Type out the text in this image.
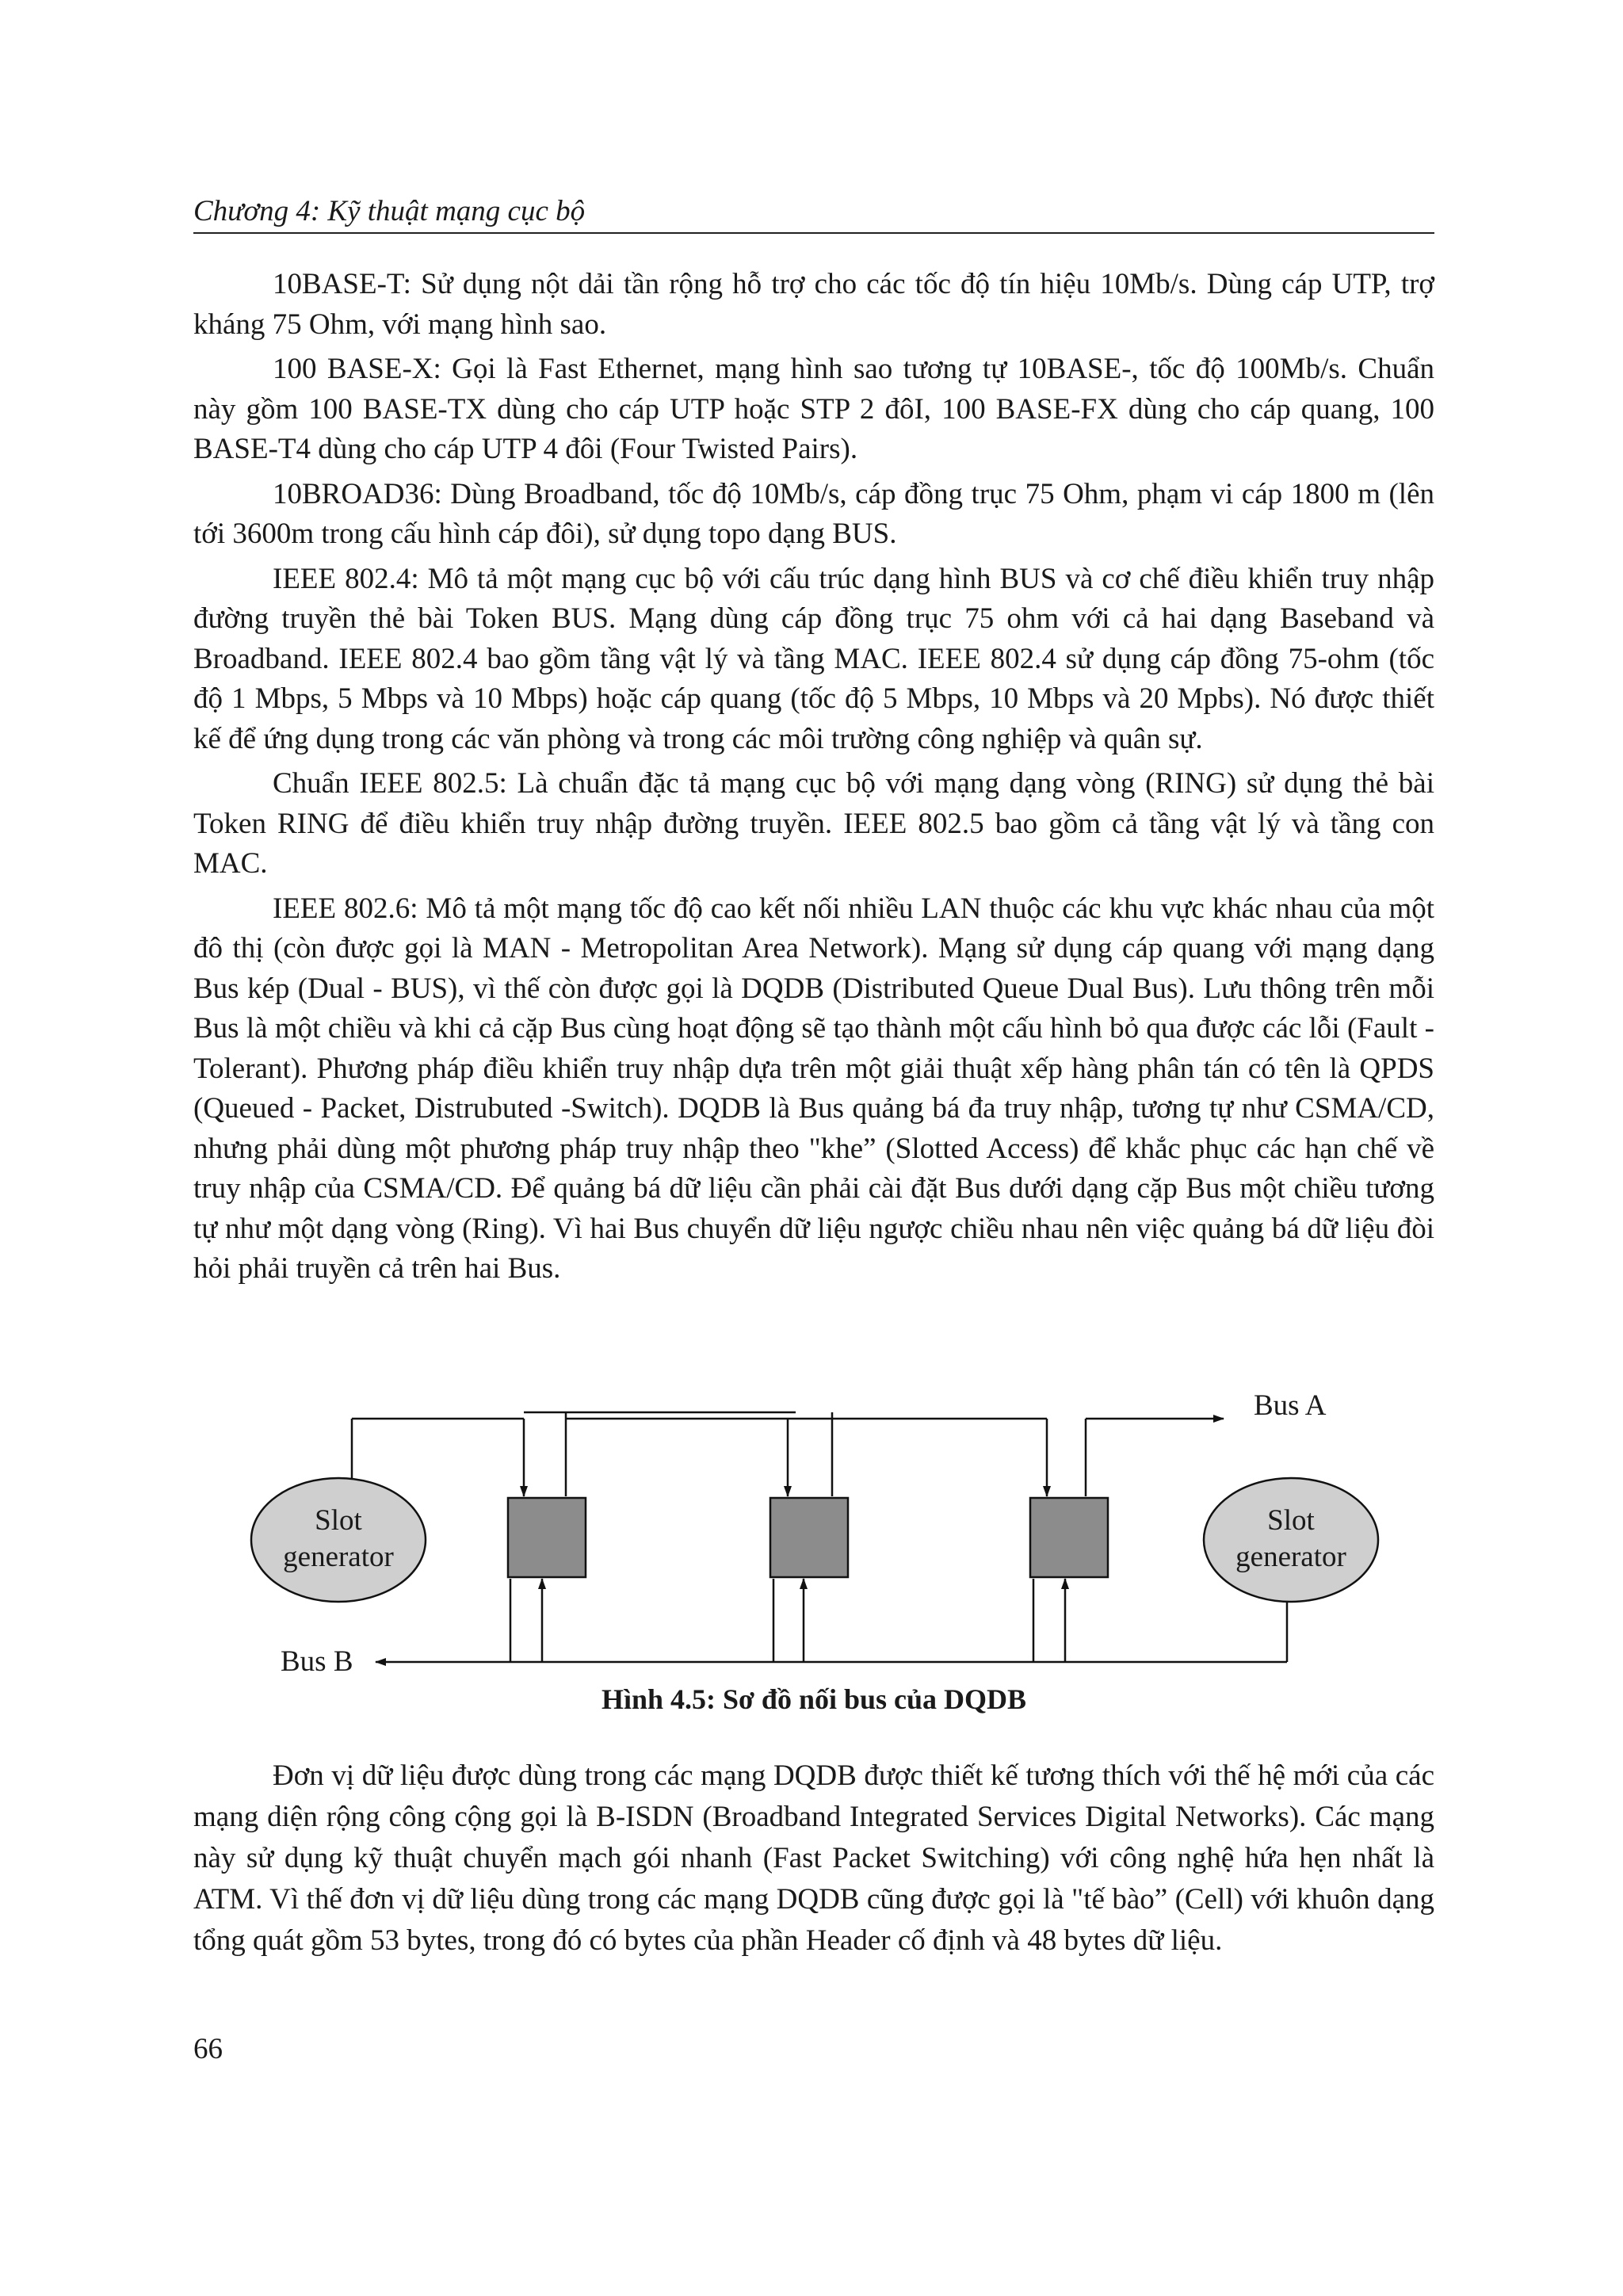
Chương 4: Kỹ thuật mạng cục bộ

10BASE-T: Sử dụng nột dải tần rộng hỗ trợ cho các tốc độ tín hiệu 10Mb/s. Dùng cáp UTP, trợ kháng 75 Ohm, với mạng hình sao.

100 BASE-X: Gọi là Fast Ethernet, mạng hình sao tương tự 10BASE-, tốc độ 100Mb/s. Chuẩn này gồm 100 BASE-TX dùng cho cáp UTP hoặc STP 2 đôI, 100 BASE-FX dùng cho cáp quang, 100 BASE-T4 dùng cho cáp UTP 4 đôi (Four Twisted Pairs).

10BROAD36: Dùng Broadband, tốc độ 10Mb/s, cáp đồng trục 75 Ohm, phạm vi cáp 1800 m (lên tới 3600m trong cấu hình cáp đôi), sử dụng topo dạng BUS.

IEEE 802.4: Mô tả một mạng cục bộ với cấu trúc dạng hình BUS và cơ chế điều khiển truy nhập đường truyền thẻ bài Token BUS. Mạng dùng cáp đồng trục 75 ohm với cả hai dạng Baseband và Broadband. IEEE 802.4 bao gồm tầng vật lý và tầng MAC. IEEE 802.4 sử dụng cáp đồng 75-ohm (tốc độ 1 Mbps, 5 Mbps và 10 Mbps) hoặc cáp quang (tốc độ 5 Mbps, 10 Mbps và 20 Mpbs). Nó được thiết kế để ứng dụng trong các văn phòng và trong các môi trường công nghiệp và quân sự.

Chuẩn IEEE 802.5: Là chuẩn đặc tả mạng cục bộ với mạng dạng vòng (RING) sử dụng thẻ bài Token RING để điều khiển truy nhập đường truyền. IEEE 802.5 bao gồm cả tầng vật lý và tầng con MAC.

IEEE 802.6: Mô tả một mạng tốc độ cao kết nối nhiều LAN thuộc các khu vực khác nhau của một đô thị (còn được gọi là MAN - Metropolitan Area Network). Mạng sử dụng cáp quang với mạng dạng Bus kép (Dual - BUS), vì thế còn được gọi là DQDB (Distributed Queue Dual Bus). Lưu thông trên mỗi Bus là một chiều và khi cả cặp Bus cùng hoạt động sẽ tạo thành một cấu hình bỏ qua được các lỗi (Fault - Tolerant). Phương pháp điều khiển truy nhập dựa trên một giải thuật xếp hàng phân tán có tên là QPDS (Queued - Packet, Distrubuted -Switch). DQDB là Bus quảng bá đa truy nhập, tương tự như CSMA/CD, nhưng phải dùng một phương pháp truy nhập theo "khe” (Slotted Access) để khắc phục các hạn chế về truy nhập của CSMA/CD. Để quảng bá dữ liệu cần phải cài đặt Bus dưới dạng cặp Bus một chiều tương tự như một dạng vòng (Ring). Vì hai Bus chuyển dữ liệu ngược chiều nhau nên việc quảng bá dữ liệu đòi hỏi phải truyền cả trên hai Bus.

Bus A
Bus B
Slot
generator
Slot
generator
Hình 4.5: Sơ đồ nối bus của DQDB

Đơn vị dữ liệu được dùng trong các mạng DQDB được thiết kế tương thích với thế hệ mới của các mạng diện rộng công cộng gọi là B-ISDN (Broadband Integrated Services Digital Networks). Các mạng này sử dụng kỹ thuật chuyển mạch gói nhanh (Fast Packet Switching) với công nghệ hứa hẹn nhất là ATM. Vì thế đơn vị dữ liệu dùng trong các mạng DQDB cũng được gọi là "tế bào” (Cell) với khuôn dạng tổng quát gồm 53 bytes, trong đó có bytes của phần Header cố định và 48 bytes dữ liệu.

66
